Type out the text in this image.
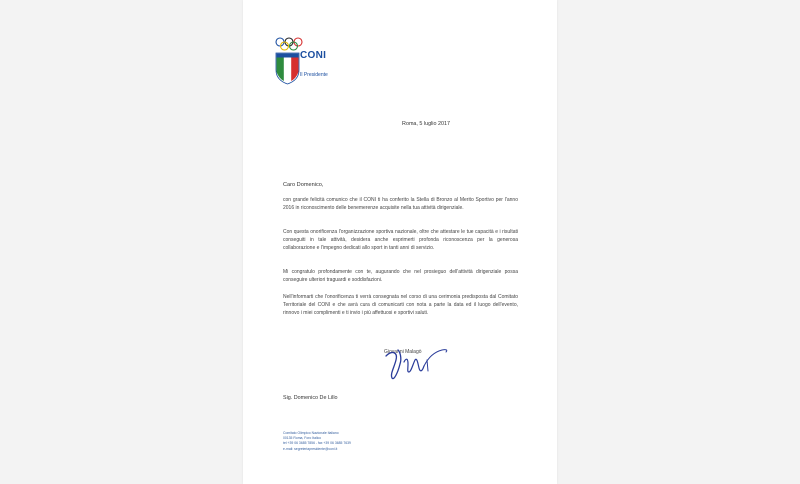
CONI
Il Presidente
Roma, 5 luglio 2017
Caro Domenico,
con grande felicità comunico che il CONI ti ha conferito la Stella di Bronzo al Merito Sportivo per l'anno 2016 in riconoscimento delle benemerenze acquisite nella tua attività dirigenziale.
Con questa onorificenza l'organizzazione sportiva nazionale, oltre che attestare le tue capacità e i risultati conseguiti in tale attività, desidera anche esprimerti profonda riconoscenza per la generosa collaborazione e l'impegno dedicati allo sport in tanti anni di servizio.
Mi congratulo profondamente con te, augurando che nel prosieguo dell'attività dirigenziale possa conseguire ulteriori traguardi e soddisfazioni.
Nell'informarti che l'onorificenza ti verrà consegnata nel corso di una cerimonia predisposta dal Comitato Territoriale del CONI e che avrà cura di comunicarti con nota a parte la data ed il luogo dell'evento, rinnovo i miei complimenti e ti invio i più affettuosi e sportivi saluti.
Giovanni Malagò
Sig. Domenico De Lillo
Comitato Olimpico Nazionale Italiano
00135 Roma, Foro Italico
tel +39 06 3685 7856 - fax +39 06 3685 7639
e-mail: segreteriapresidente@coni.it
